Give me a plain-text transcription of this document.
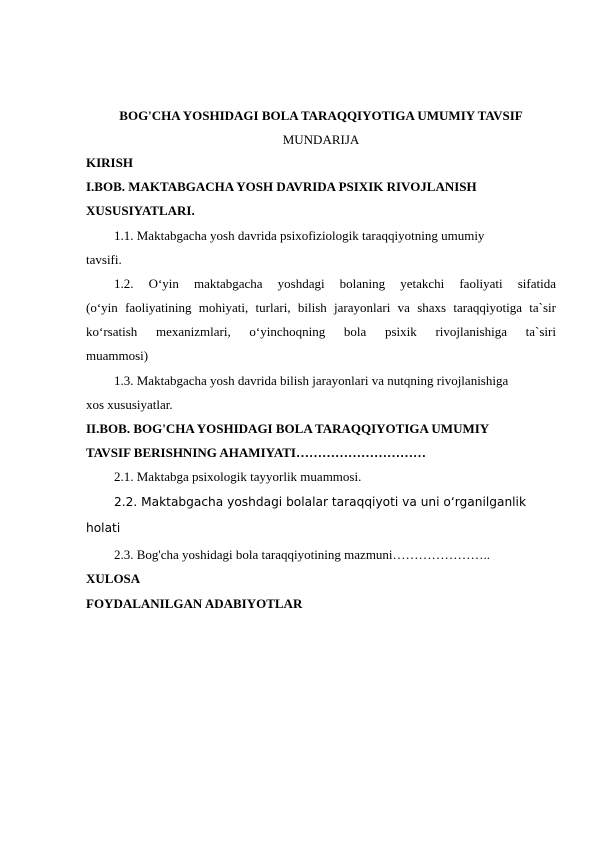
BOG'CHA YOSHIDAGI BOLA TARAQQIYOTIGA UMUMIY TAVSIF
MUNDARIJA
KIRISH
I.BOB. MAKTABGACHA YOSH DAVRIDA PSIXIK RIVOJLANISH
XUSUSIYATLARI.
1.1. Maktabgacha yosh davrida psixofiziologik taraqqiyotning umumiy
tavsifi.
1.2. O‘yin maktabgacha yoshdagi bolaning yetakchi faoliyati sifatida
(o‘yin faoliyatining mohiyati, turlari, bilish jarayonlari va shaxs taraqqiyotiga ta`sir
ko‘rsatish mexanizmlari, o‘yinchoqning bola psixik rivojlanishiga ta`siri
muammosi)
1.3. Maktabgacha yosh davrida bilish jarayonlari va nutqning rivojlanishiga
xos xususiyatlar.
II.BOB. BOG'CHA YOSHIDAGI BOLA TARAQQIYOTIGA UMUMIY
TAVSIF BERISHNING AHAMIYATI…………………………
2.1. Maktabga psixologik tayyorlik muammosi.
2.2. Maktabgacha yoshdagi bolalar taraqqiyoti va uni o‘rganilganlik
holati
2.3. Bog'cha yoshidagi bola taraqqiyotining mazmuni…………………..
XULOSA
FOYDALANILGAN ADABIYOTLAR
